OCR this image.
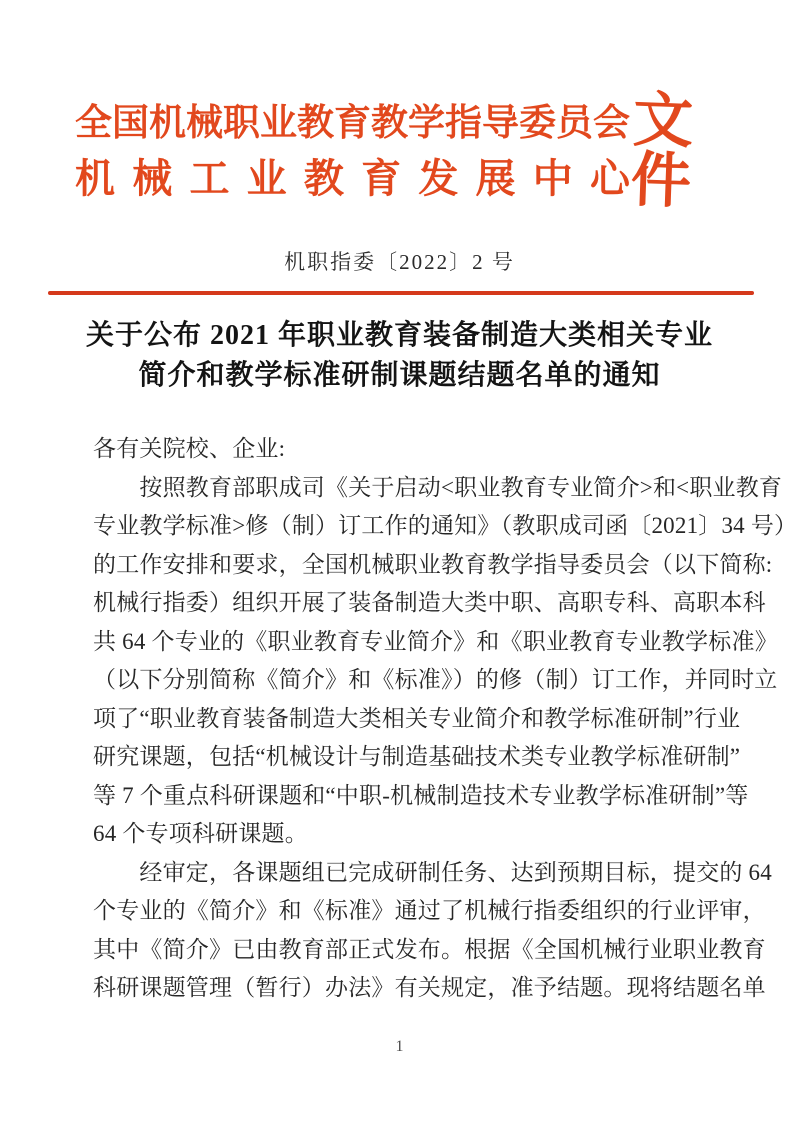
全 国 机 械 职 业 教 育 教 学 指 导 委 员 会
机 械 工 业 教 育 发 展 中 心
文件
机职指委〔2022〕2 号
关于公布 2021 年职业教育装备制造大类相关专业
简介和教学标准研制课题结题名单的通知
各有关院校、企业:
　　按照教育部职成司《关于启动<职业教育专业简介>和<职业教育
专业教学标准>修（制）订工作的通知》（教职成司函〔2021〕34 号）
的工作安排和要求，全国机械职业教育教学指导委员会（以下简称:
机械行指委）组织开展了装备制造大类中职、高职专科、高职本科
共 64 个专业的《职业教育专业简介》和《职业教育专业教学标准》
（以下分别简称《简介》和《标准》）的修（制）订工作，并同时立
项了“职业教育装备制造大类相关专业简介和教学标准研制”行业
研究课题，包括“机械设计与制造基础技术类专业教学标准研制”
等 7 个重点科研课题和“中职-机械制造技术专业教学标准研制”等
64 个专项科研课题。
　　经审定，各课题组已完成研制任务、达到预期目标，提交的 64
个专业的《简介》和《标准》通过了机械行指委组织的行业评审，
其中《简介》已由教育部正式发布。根据《全国机械行业职业教育
科研课题管理（暂行）办法》有关规定，准予结题。现将结题名单
1
